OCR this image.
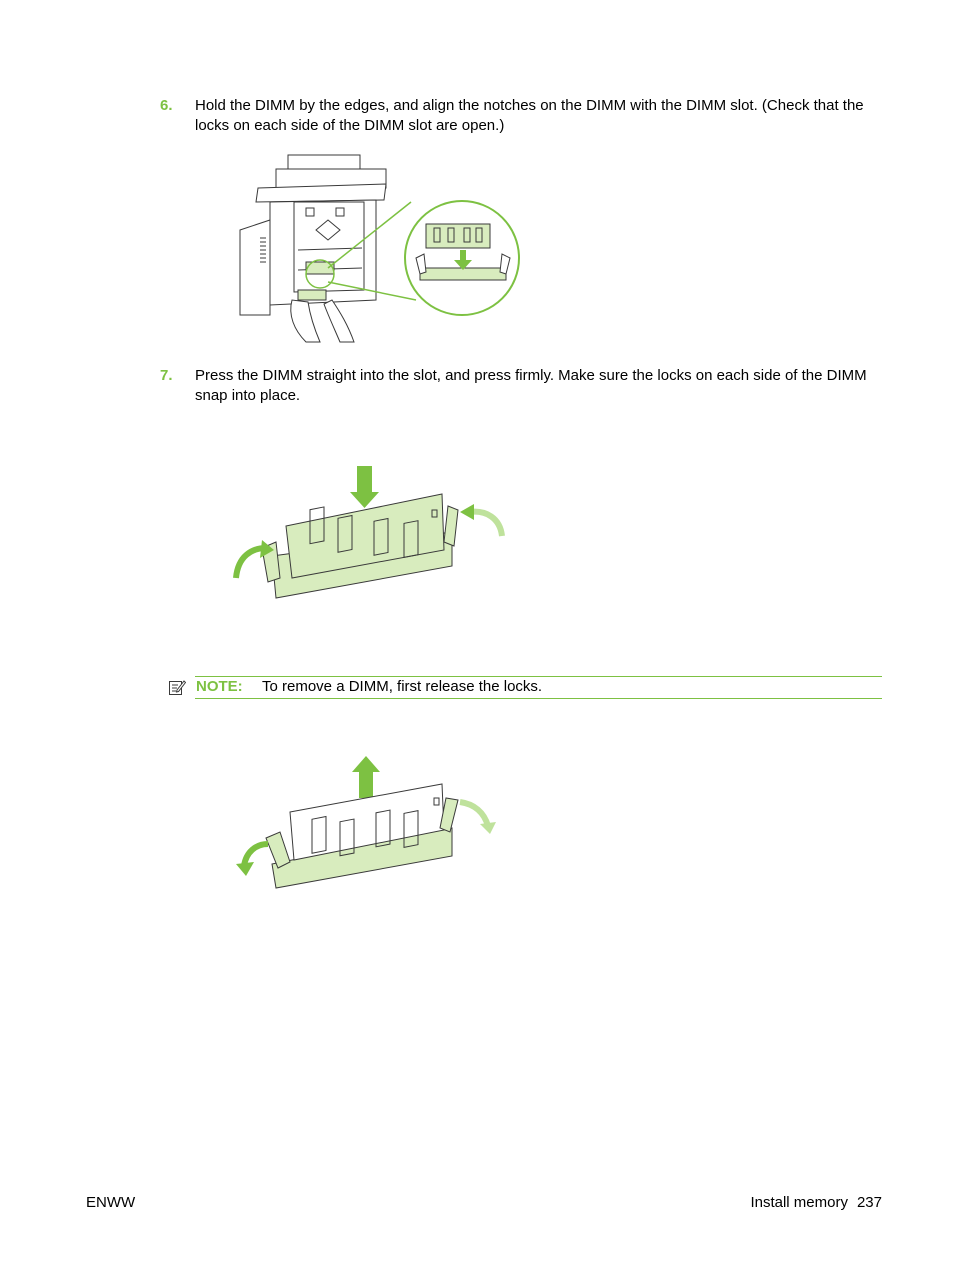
6. Hold the DIMM by the edges, and align the notches on the DIMM with the DIMM slot. (Check that the locks on each side of the DIMM slot are open.)
7. Press the DIMM straight into the slot, and press firmly. Make sure the locks on each side of the DIMM snap into place.
NOTE: To remove a DIMM, first release the locks.
ENWW	Install memory 237
